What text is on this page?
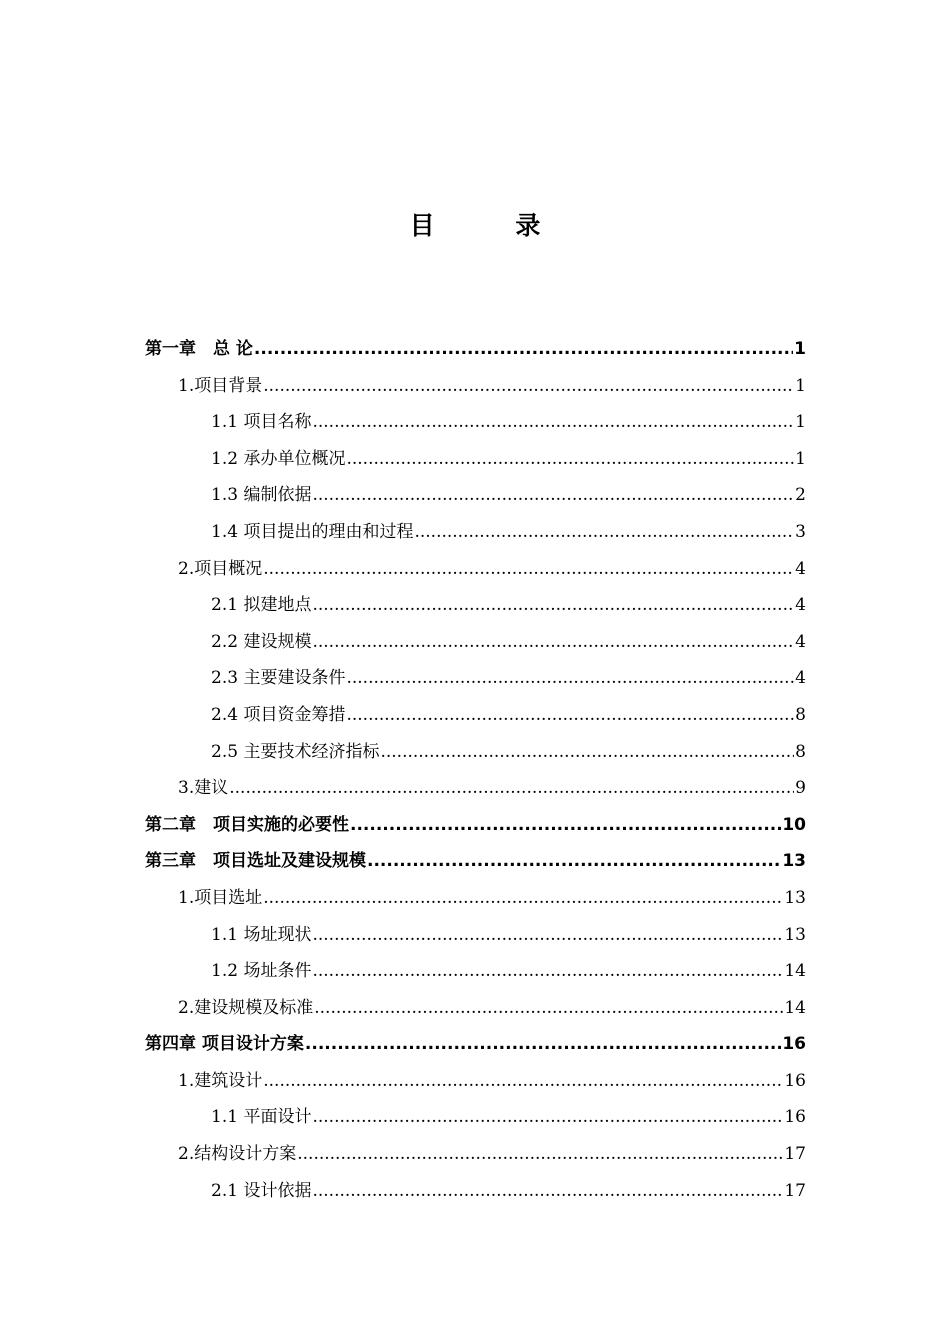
目 录
第一章　总 论 .....	1
1.项目背景 .....	1
1.1 项目名称 .....	1
1.2 承办单位概况 .....	1
1.3 编制依据 .....	2
1.4 项目提出的理由和过程 .....	3
2.项目概况 .....	4
2.1 拟建地点 .....	4
2.2 建设规模 .....	4
2.3 主要建设条件 .....	4
2.4 项目资金筹措 .....	8
2.5 主要技术经济指标 .....	8
3.建议 .....	9
第二章　项目实施的必要性 .....	10
第三章　项目选址及建设规模 .....	13
1.项目选址 .....	13
1.1 场址现状 .....	13
1.2 场址条件 .....	14
2.建设规模及标准 .....	14
第四章 项目设计方案 .....	16
1.建筑设计 .....	16
1.1 平面设计 .....	16
2.结构设计方案 .....	17
2.1 设计依据 .....	17
